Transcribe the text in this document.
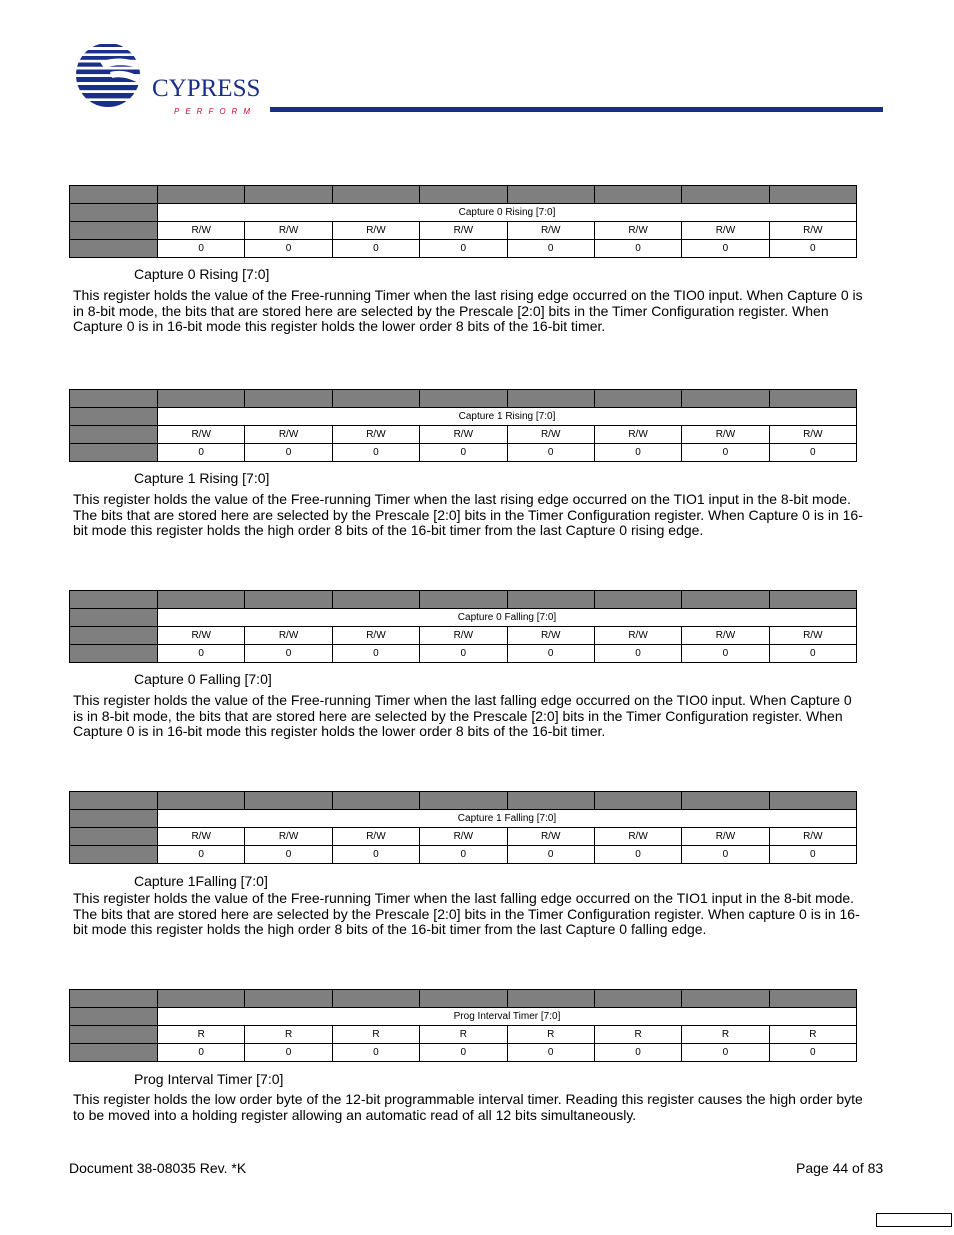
CYPRESS
PERFORM

	Capture 0 Rising [7:0]							
	R/W	R/W	R/W	R/W	R/W	R/W	R/W	R/W
	0	0	0	0	0	0	0	0
Capture 0 Rising [7:0]
This register holds the value of the Free-running Timer when the last rising edge occurred on the TIO0 input. When Capture 0 is in 8-bit mode, the bits that are stored here are selected by the Prescale [2:0] bits in the Timer Configuration register. When Capture 0 is in 16-bit mode this register holds the lower order 8 bits of the 16-bit timer.

	Capture 1 Rising [7:0]							
	R/W	R/W	R/W	R/W	R/W	R/W	R/W	R/W
	0	0	0	0	0	0	0	0
Capture 1 Rising [7:0]
This register holds the value of the Free-running Timer when the last rising edge occurred on the TIO1 input in the 8-bit mode. The bits that are stored here are selected by the Prescale [2:0] bits in the Timer Configuration register. When Capture 0 is in 16-bit mode this register holds the high order 8 bits of the 16-bit timer from the last Capture 0 rising edge.

	Capture 0 Falling [7:0]							
	R/W	R/W	R/W	R/W	R/W	R/W	R/W	R/W
	0	0	0	0	0	0	0	0
Capture 0 Falling [7:0]
This register holds the value of the Free-running Timer when the last falling edge occurred on the TIO0 input. When Capture 0 is in 8-bit mode, the bits that are stored here are selected by the Prescale [2:0] bits in the Timer Configuration register. When Capture 0 is in 16-bit mode this register holds the lower order 8 bits of the 16-bit timer.

	Capture 1 Falling [7:0]							
	R/W	R/W	R/W	R/W	R/W	R/W	R/W	R/W
	0	0	0	0	0	0	0	0
Capture 1Falling [7:0]
This register holds the value of the Free-running Timer when the last falling edge occurred on the TIO1 input in the 8-bit mode. The bits that are stored here are selected by the Prescale [2:0] bits in the Timer Configuration register. When capture 0 is in 16-bit mode this register holds the high order 8 bits of the 16-bit timer from the last Capture 0 falling edge.

	Prog Interval Timer [7:0]							
	R	R	R	R	R	R	R	R
	0	0	0	0	0	0	0	0
Prog Interval Timer [7:0]
This register holds the low order byte of the 12-bit programmable interval timer. Reading this register causes the high order byte to be moved into a holding register allowing an automatic read of all 12 bits simultaneously.
Document 38-08035 Rev. *K	Page 44 of 83
